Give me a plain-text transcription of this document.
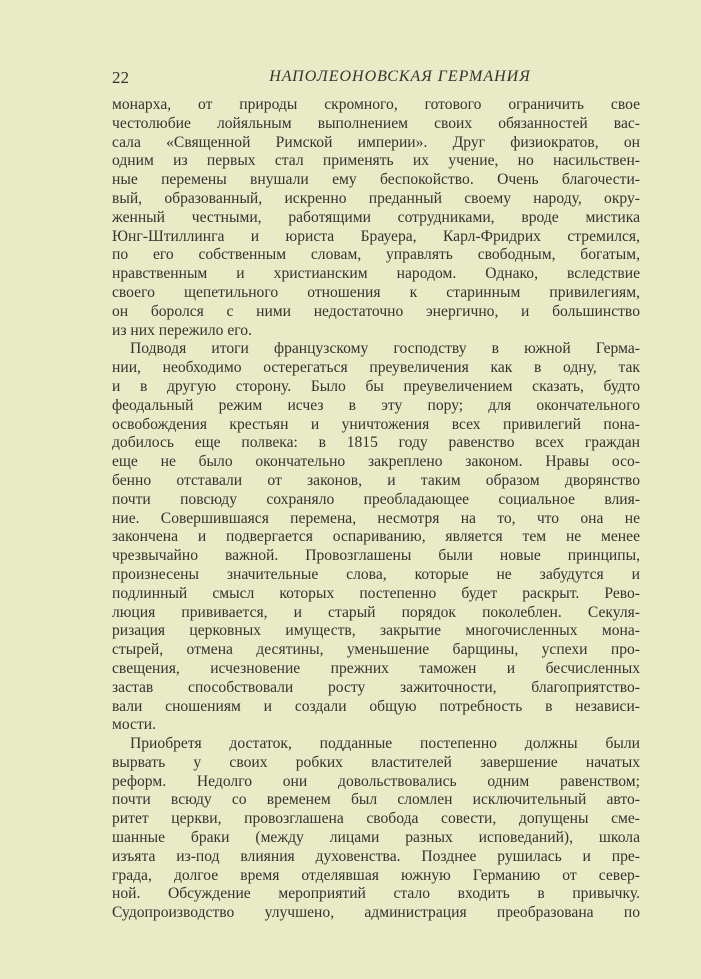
22	НАПОЛЕОНОВСКАЯ ГЕРМАНИЯ
монарха, от природы скромного, готового ограничить свое
честолюбие лойяльным выполнением своих обязанностей вас-
сала «Священной Римской империи». Друг физиократов, он
одним из первых стал применять их учение, но насильствен-
ные перемены внушали ему беспокойство. Очень благочести-
вый, образованный, искренно преданный своему народу, окру-
женный честными, работящими сотрудниками, вроде мистика
Юнг-Штиллинга и юриста Брауера, Карл-Фридрих стремился,
по его собственным словам, управлять свободным, богатым,
нравственным и христианским народом. Однако, вследствие
своего щепетильного отношения к старинным привилегиям,
он боролся с ними недостаточно энергично, и большинство
из них пережило его.
Подводя итоги французскому господству в южной Герма-
нии, необходимо остерегаться преувеличения как в одну, так
и в другую сторону. Было бы преувеличением сказать, будто
феодальный режим исчез в эту пору; для окончательного
освобождения крестьян и уничтожения всех привилегий пона-
добилось еще полвека: в 1815 году равенство всех граждан
еще не было окончательно закреплено законом. Нравы осо-
бенно отставали от законов, и таким образом дворянство
почти повсюду сохраняло преобладающее социальное влия-
ние. Совершившаяся перемена, несмотря на то, что она не
закончена и подвергается оспариванию, является тем не менее
чрезвычайно важной. Провозглашены были новые принципы,
произнесены значительные слова, которые не забудутся и
подлинный смысл которых постепенно будет раскрыт. Рево-
люция прививается, и старый порядок поколеблен. Секуля-
ризация церковных имуществ, закрытие многочисленных мона-
стырей, отмена десятины, уменьшение барщины, успехи про-
свещения, исчезновение прежних таможен и бесчисленных
застав способствовали росту зажиточности, благоприятство-
вали сношениям и создали общую потребность в независи-
мости.
Приобретя достаток, подданные постепенно должны были
вырвать у своих робких властителей завершение начатых
реформ. Недолго они довольствовались одним равенством;
почти всюду со временем был сломлен исключительный авто-
ритет церкви, провозглашена свобода совести, допущены сме-
шанные браки (между лицами разных исповеданий), школа
изъята из-под влияния духовенства. Позднее рушилась и пре-
града, долгое время отделявшая южную Германию от север-
ной. Обсуждение мероприятий стало входить в привычку.
Судопроизводство улучшено, администрация преобразована по
